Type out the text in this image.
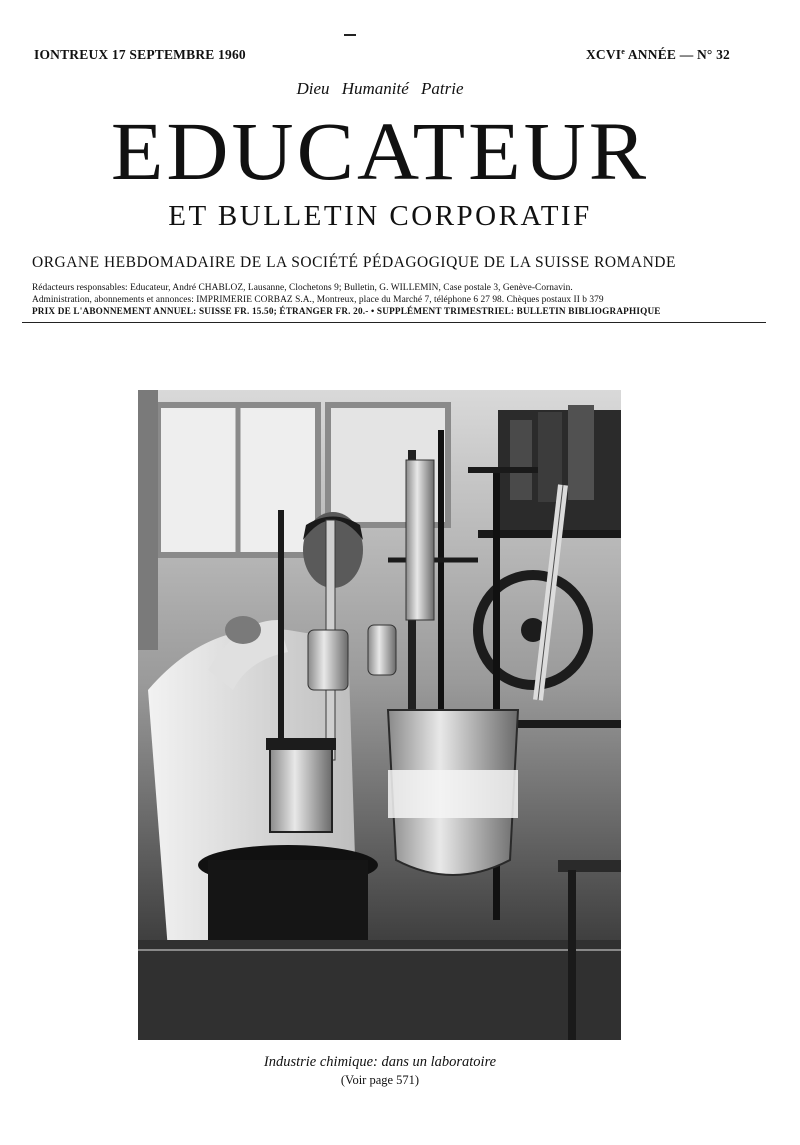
IONTREUX 17 SEPTEMBRE 1960	XCVIe ANNÉE — N° 32
Dieu Humanité Patrie
EDUCATEUR
ET BULLETIN CORPORATIF
ORGANE HEBDOMADAIRE DE LA SOCIÉTÉ PÉDAGOGIQUE DE LA SUISSE ROMANDE
Rédacteurs responsables: Educateur, André CHABLOZ, Lausanne, Clochetons 9; Bulletin, G. WILLEMIN, Case postale 3, Genève-Cornavin.
Administration, abonnements et annonces: IMPRIMERIE CORBAZ S.A., Montreux, place du Marché 7, téléphone 6 27 98. Chèques postaux II b 379
PRIX DE L'ABONNEMENT ANNUEL: SUISSE FR. 15.50; ÉTRANGER FR. 20.- • SUPPLÉMENT TRIMESTRIEL: BULLETIN BIBLIOGRAPHIQUE
Industrie chimique: dans un laboratoire
(Voir page 571)
